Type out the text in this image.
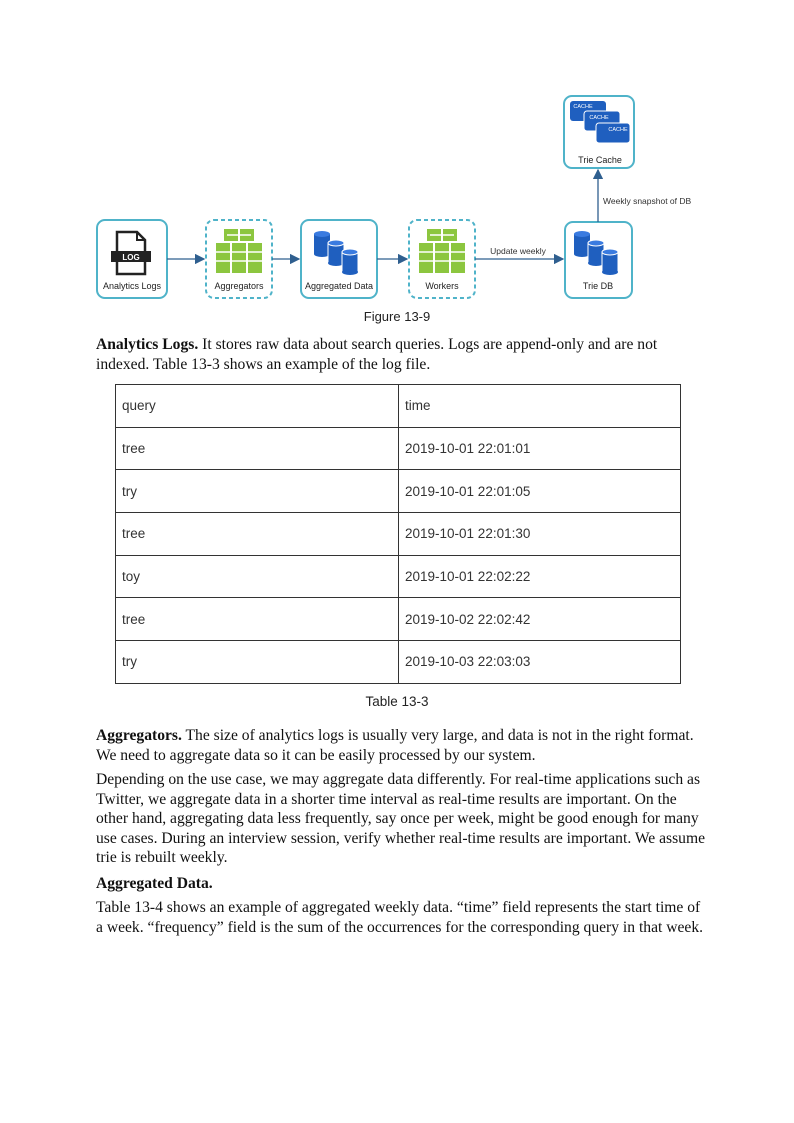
LOG
Analytics Logs	Aggregators	Aggregated Data	Workers	Trie DB
CACHE
CACHE
CACHE
Trie Cache
Update weekly
Weekly snapshot of DB
Figure 13-9

Analytics Logs. It stores raw data about search queries. Logs are append-only and are not indexed. Table 13-3 shows an example of the log file.

query	time
tree	2019-10-01 22:01:01
try	2019-10-01 22:01:05
tree	2019-10-01 22:01:30
toy	2019-10-01 22:02:22
tree	2019-10-02 22:02:42
try	2019-10-03 22:03:03
Table 13-3

Aggregators. The size of analytics logs is usually very large, and data is not in the right format. We need to aggregate data so it can be easily processed by our system.

Depending on the use case, we may aggregate data differently. For real-time applications such as Twitter, we aggregate data in a shorter time interval as real-time results are important. On the other hand, aggregating data less frequently, say once per week, might be good enough for many use cases. During an interview session, verify whether real-time results are important. We assume trie is rebuilt weekly.

Aggregated Data.

Table 13-4 shows an example of aggregated weekly data. “time” field represents the start time of a week. “frequency” field is the sum of the occurrences for the corresponding query in that week.
